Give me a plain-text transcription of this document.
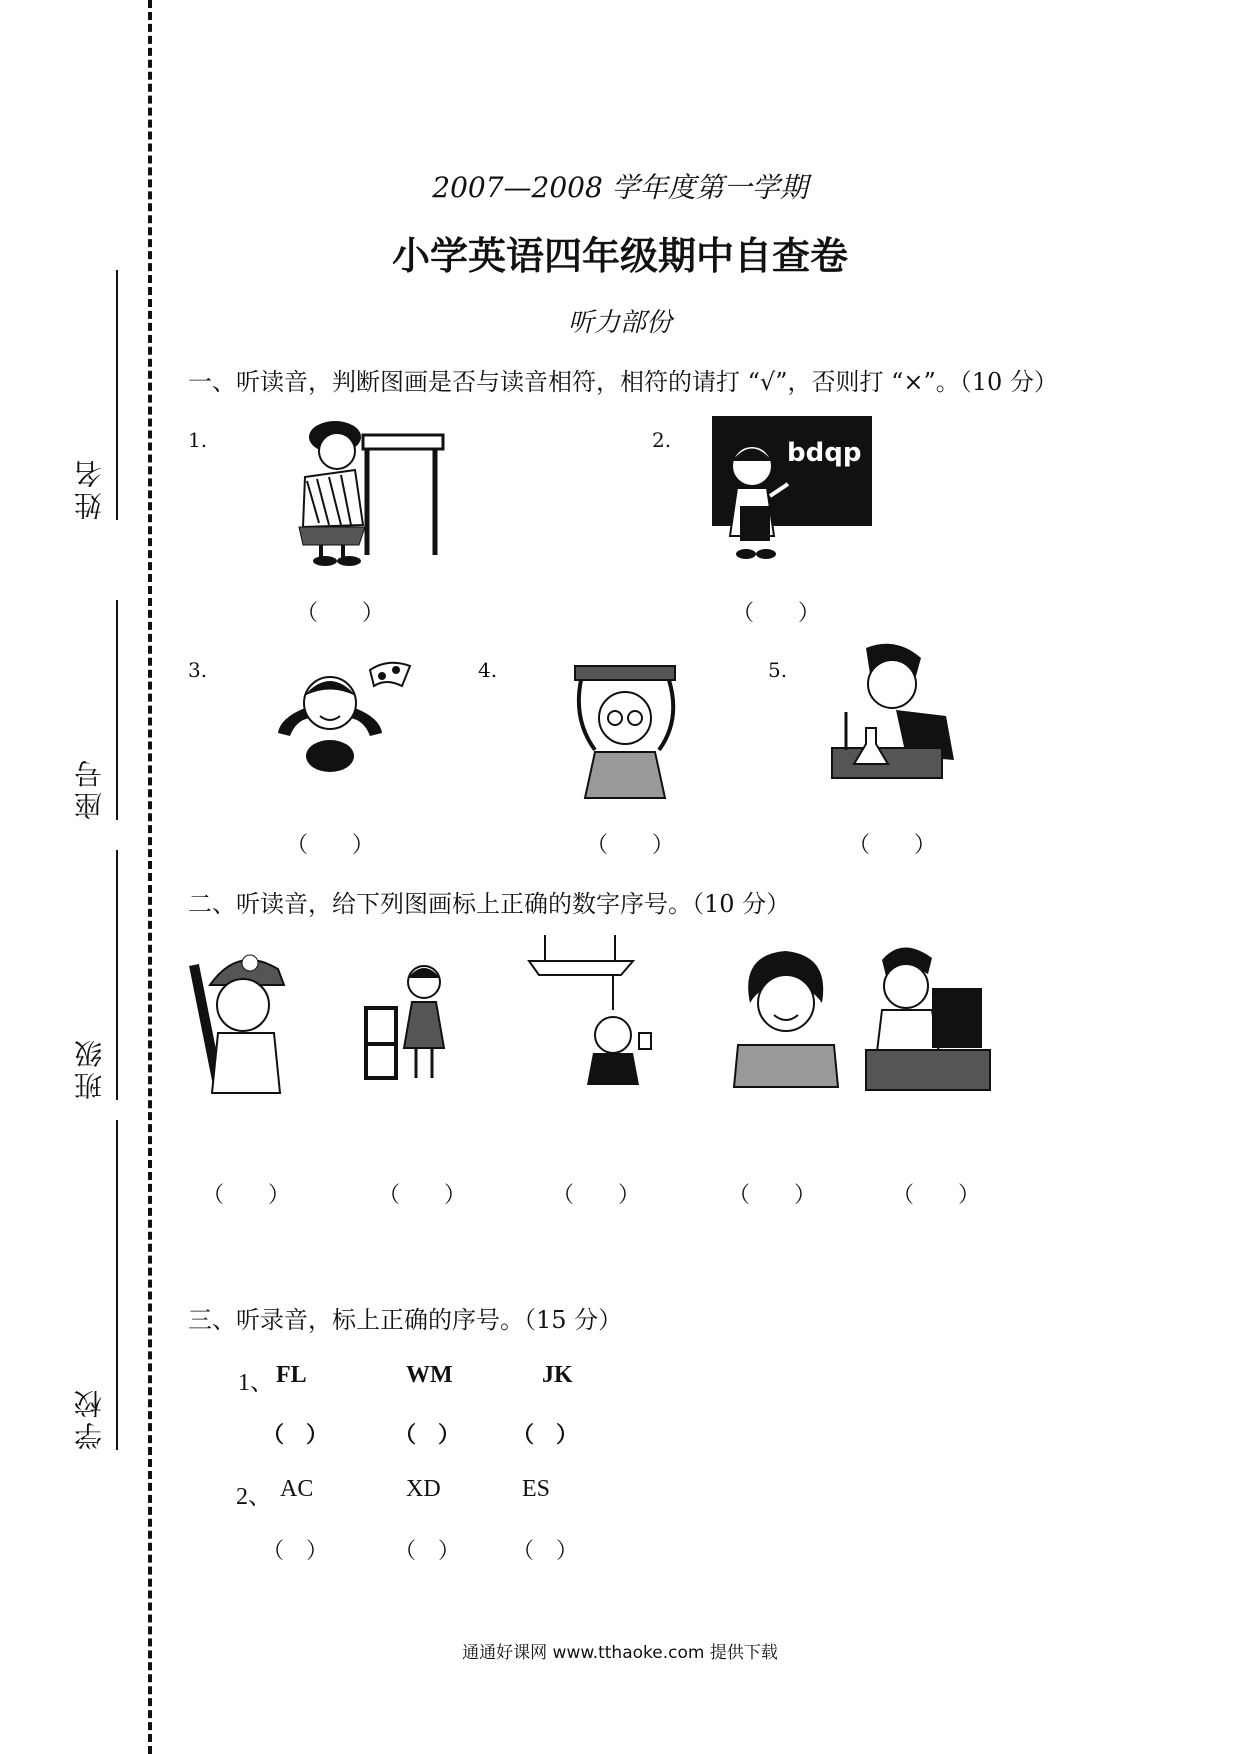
姓名
座号
班级
学校
2007—2008 学年度第一学期
小学英语四年级期中自查卷
听力部份
一、听读音，判断图画是否与读音相符，相符的请打 “√”，否则打 “×”。（10 分）
1.
（　　）
2.	bdqp
（　　）
3.
（　　）
4.
（　　）
5.
（　　）
二、听读音，给下列图画标上正确的数字序号。（10 分）
（　　）	（　　）	（　　）	（　　）	（　　）
三、听录音，标上正确的序号。（15 分）
1、 FL	WM	JK
（　）	（　） （　）
2、 AC	XD	ES
（　）	（　） （　）
通通好课网 www.tthaoke.com 提供下载
